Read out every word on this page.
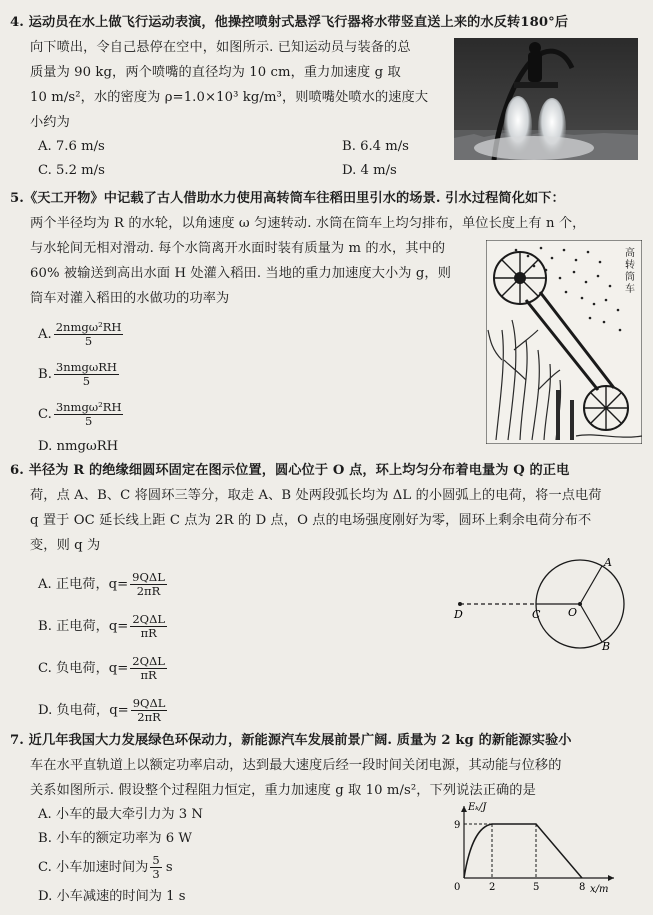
4. 运动员在水上做飞行运动表演，他操控喷射式悬浮飞行器将水带竖直送上来的水反转180°后
向下喷出，令自己悬停在空中，如图所示. 已知运动员与装备的总
质量为 90 kg，两个喷嘴的直径均为 10 cm，重力加速度 g 取
10 m/s²，水的密度为 ρ=1.0×10³ kg/m³，则喷嘴处喷水的速度大
小约为
A. 7.6 m/s	B. 6.4 m/s
C. 5.2 m/s	D. 4 m/s
5.《天工开物》中记载了古人借助水力使用高转筒车往稻田里引水的场景. 引水过程简化如下：
两个半径均为 R 的水轮，以角速度 ω 匀速转动. 水筒在筒车上均匀排布，单位长度上有 n 个，
与水轮间无相对滑动. 每个水筒离开水面时装有质量为 m 的水，其中的
60% 被输送到高出水面 H 处灌入稻田. 当地的重力加速度大小为 g，则
筒车对灌入稻田的水做功的功率为
A. $\frac{\text{2nmgω²RH}}{5}$
B. $\frac{\text{3nmgωRH}}{5}$
C. $\frac{\text{3nmgω²RH}}{5}$
D. nmgωRH
高
转
筒
车
6. 半径为 R 的绝缘细圆环固定在图示位置，圆心位于 O 点，环上均匀分布着电量为 Q 的正电
荷，点 A、B、C 将圆环三等分，取走 A、B 处两段弧长均为 ΔL 的小圆弧上的电荷，将一点电荷
q 置于 OC 延长线上距 C 点为 2R 的 D 点，O 点的电场强度刚好为零，圆环上剩余电荷分布不
变，则 q 为
A. 正电荷，$q= \frac{\text{9QΔL}}{2\pi R}$
B. 正电荷，$q= \frac{\text{2QΔL}}{\pi R}$
C. 负电荷，$q= \frac{\text{2QΔL}}{\pi R}$
D. 负电荷，$q= \frac{\text{9QΔL}}{2\pi R}$
A
B
C	O
D
7. 近几年我国大力发展绿色环保动力，新能源汽车发展前景广阔. 质量为 2 kg 的新能源实验小
车在水平直轨道上以额定功率启动，达到最大速度后经一段时间关闭电源，其动能与位移的
关系如图所示. 假设整个过程阻力恒定，重力加速度 g 取 10 m/s²，下列说法正确的是
A. 小车的最大牵引力为 3 N
B. 小车的额定功率为 6 W
C. 小车加速时间为 $\frac{5}{3}$ s
D. 小车减速的时间为 1 s
Eₖ/J
9
0	2	5	8 x/m
